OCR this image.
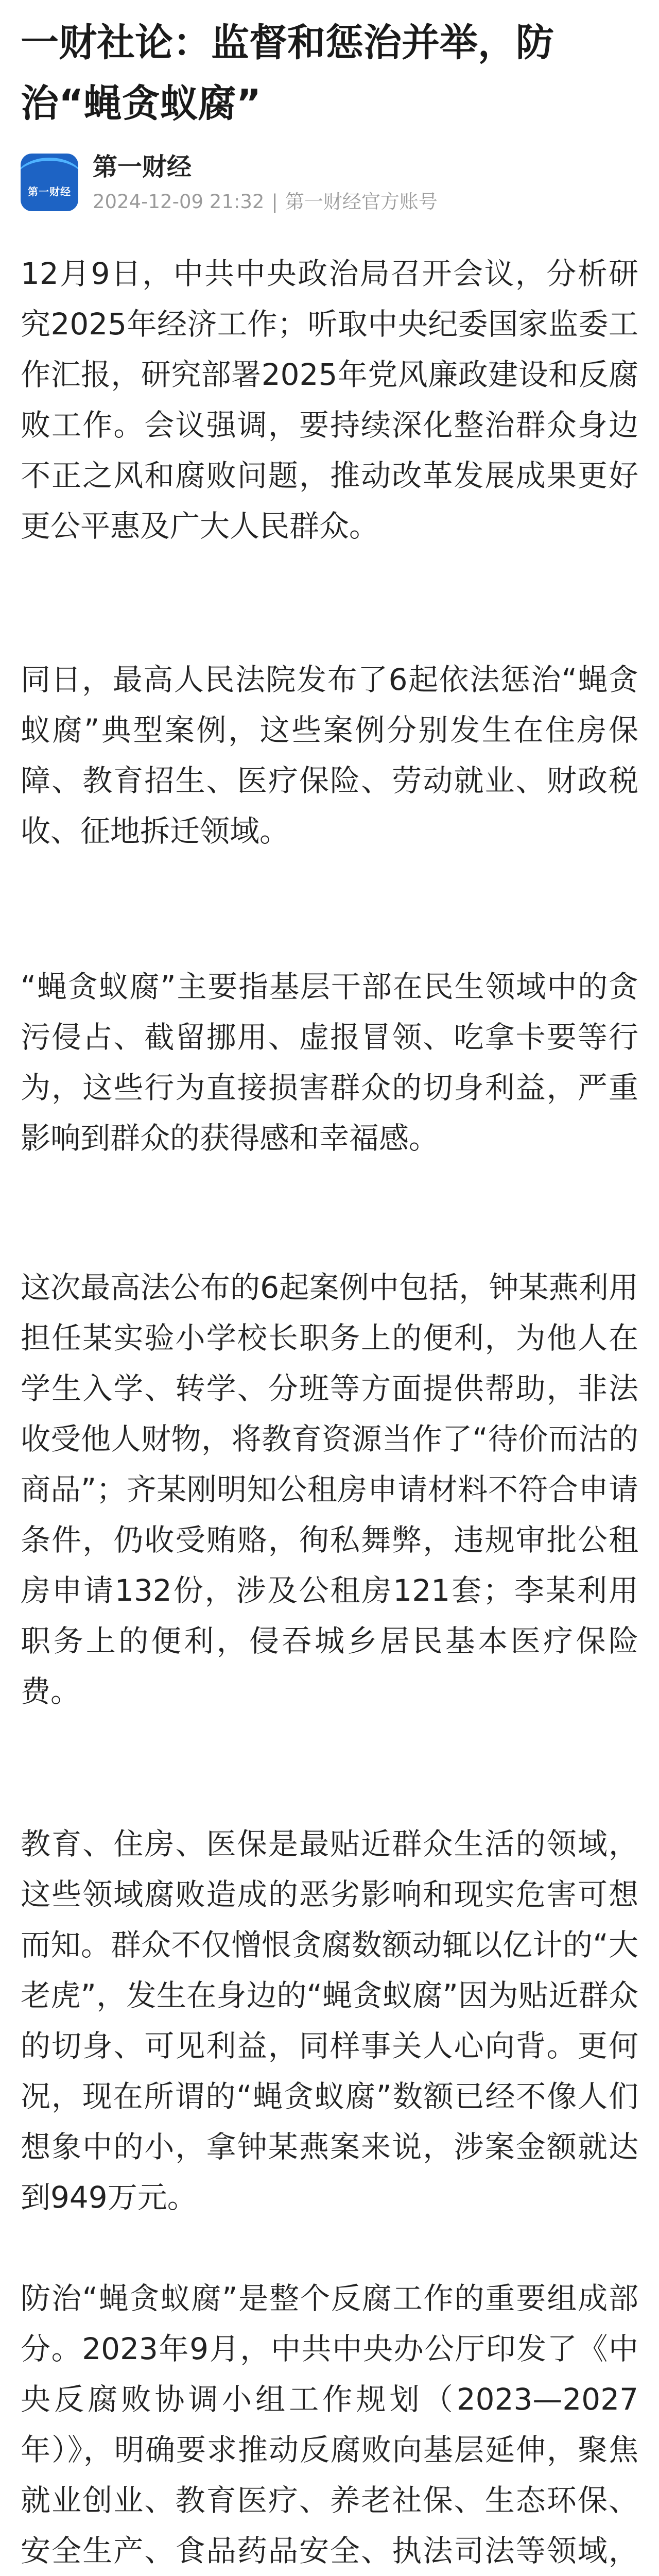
一财社论：监督和惩治并举，防治“蝇贪蚁腐”
第一财经
第一财经
2024-12-09 21:32 | 第一财经官方账号

12月9日，中共中央政治局召开会议，分析研究2025年经济工作；听取中央纪委国家监委工作汇报，研究部署2025年党风廉政建设和反腐败工作。会议强调，要持续深化整治群众身边不正之风和腐败问题，推动改革发展成果更好更公平惠及广大人民群众。

同日，最高人民法院发布了6起依法惩治“蝇贪蚁腐”典型案例，这些案例分别发生在住房保障、教育招生、医疗保险、劳动就业、财政税收、征地拆迁领域。

“蝇贪蚁腐”主要指基层干部在民生领域中的贪污侵占、截留挪用、虚报冒领、吃拿卡要等行为，这些行为直接损害群众的切身利益，严重影响到群众的获得感和幸福感。

这次最高法公布的6起案例中包括，钟某燕利用担任某实验小学校长职务上的便利，为他人在学生入学、转学、分班等方面提供帮助，非法收受他人财物，将教育资源当作了“待价而沽的商品”；齐某刚明知公租房申请材料不符合申请条件，仍收受贿赂，徇私舞弊，违规审批公租房申请132份，涉及公租房121套；李某利用职务上的便利，侵吞城乡居民基本医疗保险费。

教育、住房、医保是最贴近群众生活的领域，这些领域腐败造成的恶劣影响和现实危害可想而知。群众不仅憎恨贪腐数额动辄以亿计的“大老虎”，发生在身边的“蝇贪蚁腐”因为贴近群众的切身、可见利益，同样事关人心向背。更何况，现在所谓的“蝇贪蚁腐”数额已经不像人们想象中的小，拿钟某燕案来说，涉案金额就达到949万元。

防治“蝇贪蚁腐”是整个反腐工作的重要组成部分。2023年9月，中共中央办公厅印发了《中央反腐败协调小组工作规划（2023—2027年）》，明确要求推动反腐败向基层延伸，聚焦就业创业、教育医疗、养老社保、生态环保、安全生产、食品药品安全、执法司法等领域，
